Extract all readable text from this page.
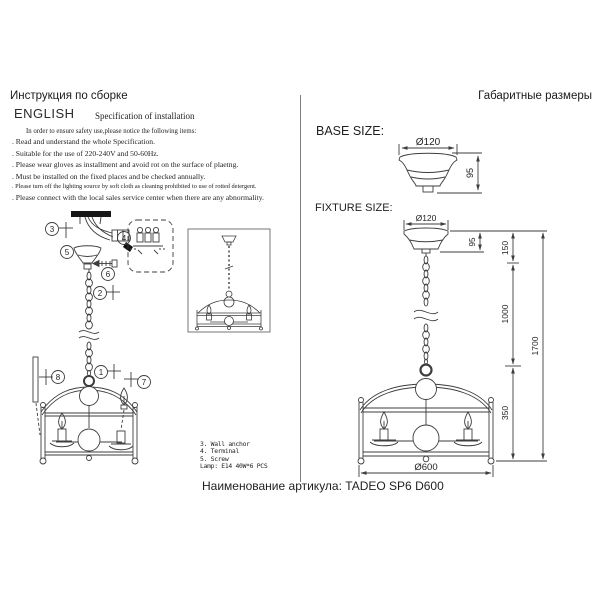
Инструкция по сборке	Габаритные размеры
ENGLISH Specification of installation
In order to ensure safety use,please notice the following items:
. Read and understand the whole Specification.
. Suitable for the use of 220-240V and 50-60Hz.
. Please wear gloves as installment and avoid rot on the surface of plaetng.
. Must be installed on the fixed places and be checked annually.
. Please turn off the lighting source by soft cloth as cleaning prohibited to use of rotted detergent.
. Please connect with the local sales service center when there are any abnormality.
3
4
5
6
2
1
7
8
3. Wall anchor
4. Terminal
5. Screw
Lamp: E14 40W*6 PCS
BASE SIZE:
FIXTURE SIZE:
Ø120
95
Ø120
95	150
1000
350
1700
Ø600
Наименование артикула: TADEO SP6 D600
